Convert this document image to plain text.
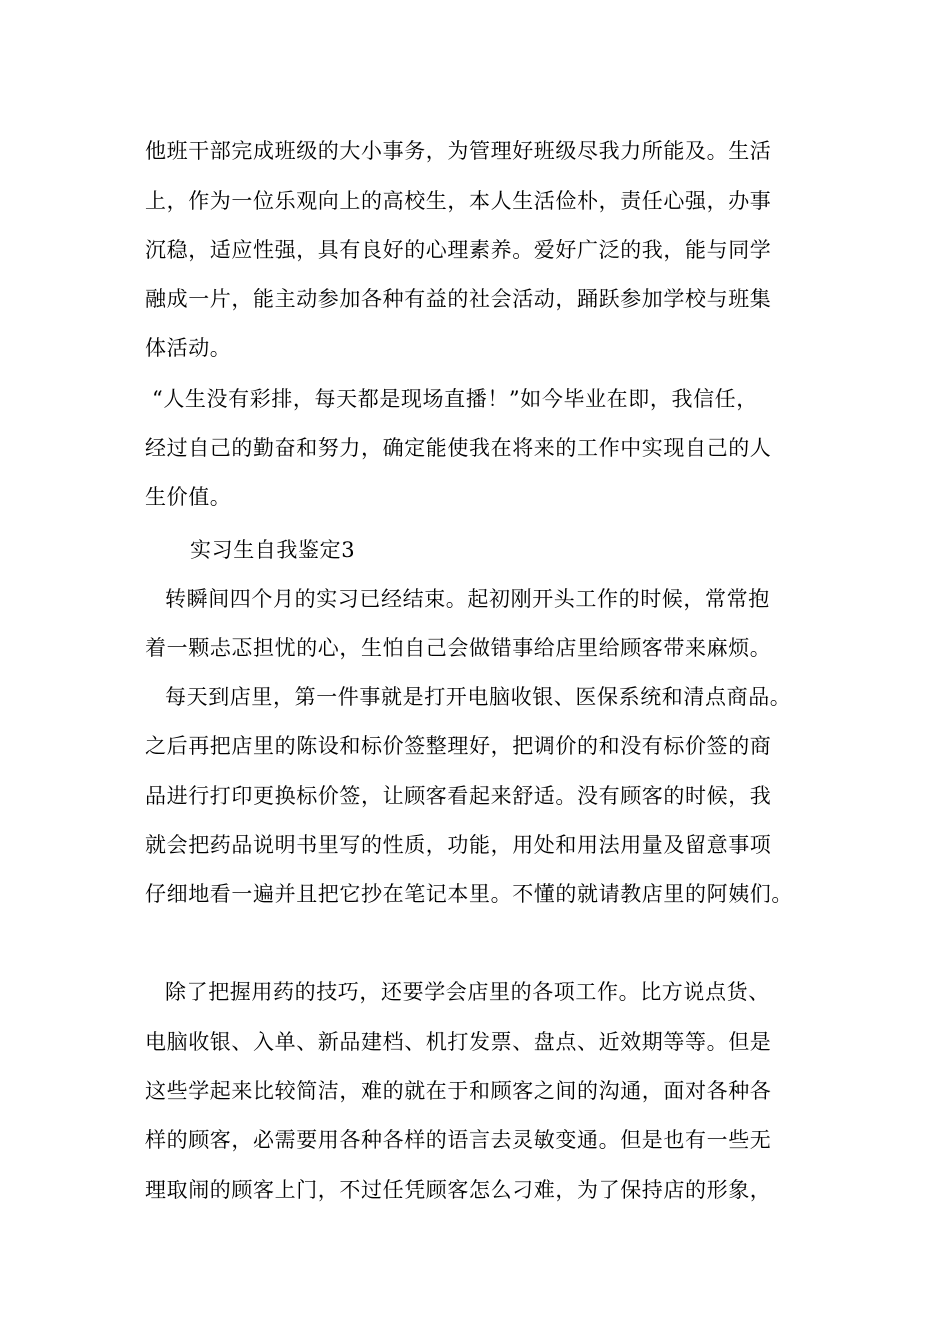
他班干部完成班级的大小事务，为管理好班级尽我力所能及。生活
上，作为一位乐观向上的高校生，本人生活俭朴，责任心强，办事
沉稳，适应性强，具有良好的心理素养。爱好广泛的我，能与同学
融成一片，能主动参加各种有益的社会活动，踊跃参加学校与班集
体活动。
“人生没有彩排，每天都是现场直播！”如今毕业在即，我信任，
经过自己的勤奋和努力，确定能使我在将来的工作中实现自己的人
生价值。
实习生自我鉴定3
转瞬间四个月的实习已经结束。起初刚开头工作的时候，常常抱
着一颗忐忑担忧的心，生怕自己会做错事给店里给顾客带来麻烦。
每天到店里，第一件事就是打开电脑收银、医保系统和清点商品。
之后再把店里的陈设和标价签整理好，把调价的和没有标价签的商
品进行打印更换标价签，让顾客看起来舒适。没有顾客的时候，我
就会把药品说明书里写的性质，功能，用处和用法用量及留意事项
仔细地看一遍并且把它抄在笔记本里。不懂的就请教店里的阿姨们。
除了把握用药的技巧，还要学会店里的各项工作。比方说点货、
电脑收银、入单、新品建档、机打发票、盘点、近效期等等。但是
这些学起来比较简洁，难的就在于和顾客之间的沟通，面对各种各
样的顾客，必需要用各种各样的语言去灵敏变通。但是也有一些无
理取闹的顾客上门，不过任凭顾客怎么刁难，为了保持店的形象，
